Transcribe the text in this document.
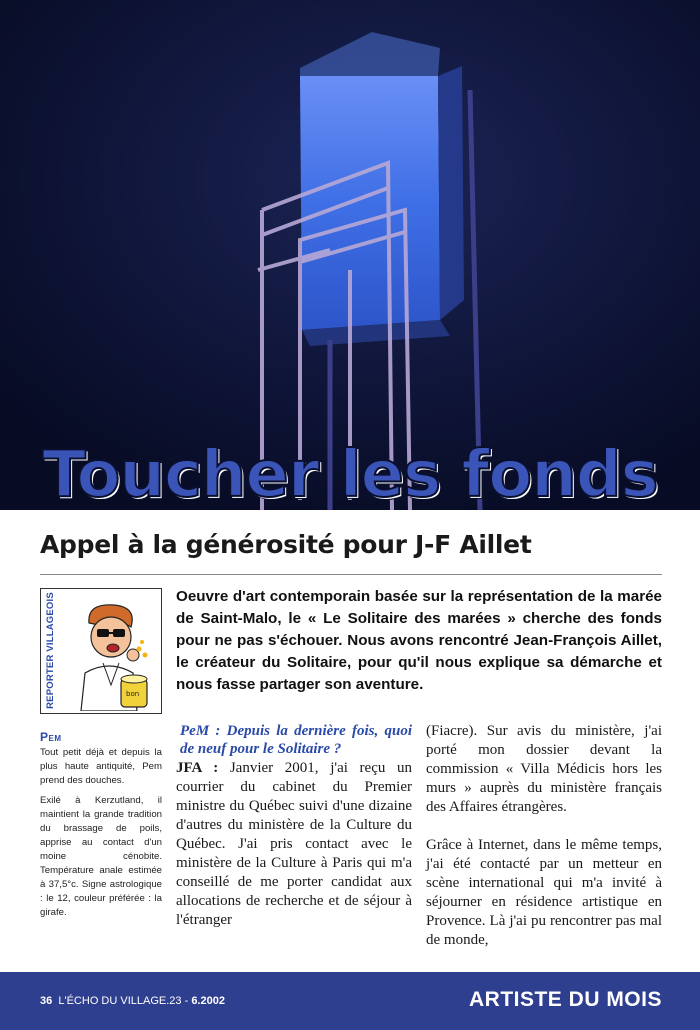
Toucher les fonds
Appel à la générosité pour J-F Aillet
REPORTER VILLAGEOIS	bon
Pem

Tout petit déjà et depuis la plus haute antiquité, Pem prend des douches.

Exilé à Kerzutland, il maintient la grande tradition du brassage de poils, apprise au contact d'un moine cénobite. Température anale estimée à 37,5°c. Signe astrologique : le 12, couleur préférée : la girafe.

Oeuvre d'art contemporain basée sur la représentation de la marée de Saint-Malo, le « Le Solitaire des marées » cherche des fonds pour ne pas s'échouer. Nous avons rencontré Jean-François Aillet, le créateur du Solitaire, pour qu'il nous explique sa démarche et nous fasse partager son aventure.

PeM : Depuis la dernière fois, quoi de neuf pour le Solitaire ?

JFA : Janvier 2001, j'ai reçu un courrier du cabinet du Premier ministre du Québec suivi d'une dizaine d'autres du ministère de la Culture du Québec. J'ai pris contact avec le ministère de la Culture à Paris qui m'a conseillé de me porter candidat aux allocations de recherche et de séjour à l'étranger

(Fiacre). Sur avis du ministère, j'ai porté mon dossier devant la commission « Villa Médicis hors les murs » auprès du ministère français des Affaires étrangères.

Grâce à Internet, dans le même temps, j'ai été contacté par un metteur en scène international qui m'a invité à séjourner en résidence artistique en Provence. Là j'ai pu rencontrer pas mal de monde,

36 L'ÉCHO DU VILLAGE.23 - 6.2002	ARTISTE DU MOIS
